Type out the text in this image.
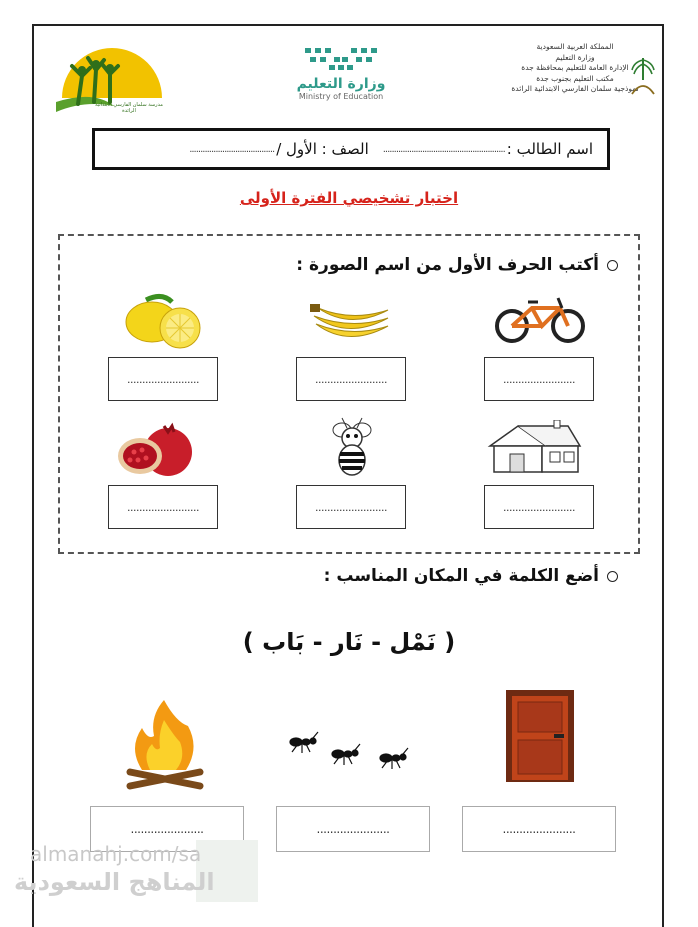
المملكة العربية السعودية
وزارة التعليم
الإدارة العامة للتعليم بمحافظة جدة
مكتب التعليم بجنوب جدة
نموذجية سلمان الفارسي الابتدائية الرائدة
وزارة التعليم
Ministry of Education
مدرسة سلمان الفارسي الابتدائية الرائدة
اسم الطالب :
........................................................
الصف : الأول /
.......................................
اختبار تشخيصي الفترة الأولى
أكتب الحرف الأول من اسم الصورة :
........................
........................
........................
........................
........................
........................
أضع الكلمة في المكان المناسب :
( نَمْل - نَار - بَاب )
......................
......................
......................
almanahj.com/sa
المناهج السعودية
